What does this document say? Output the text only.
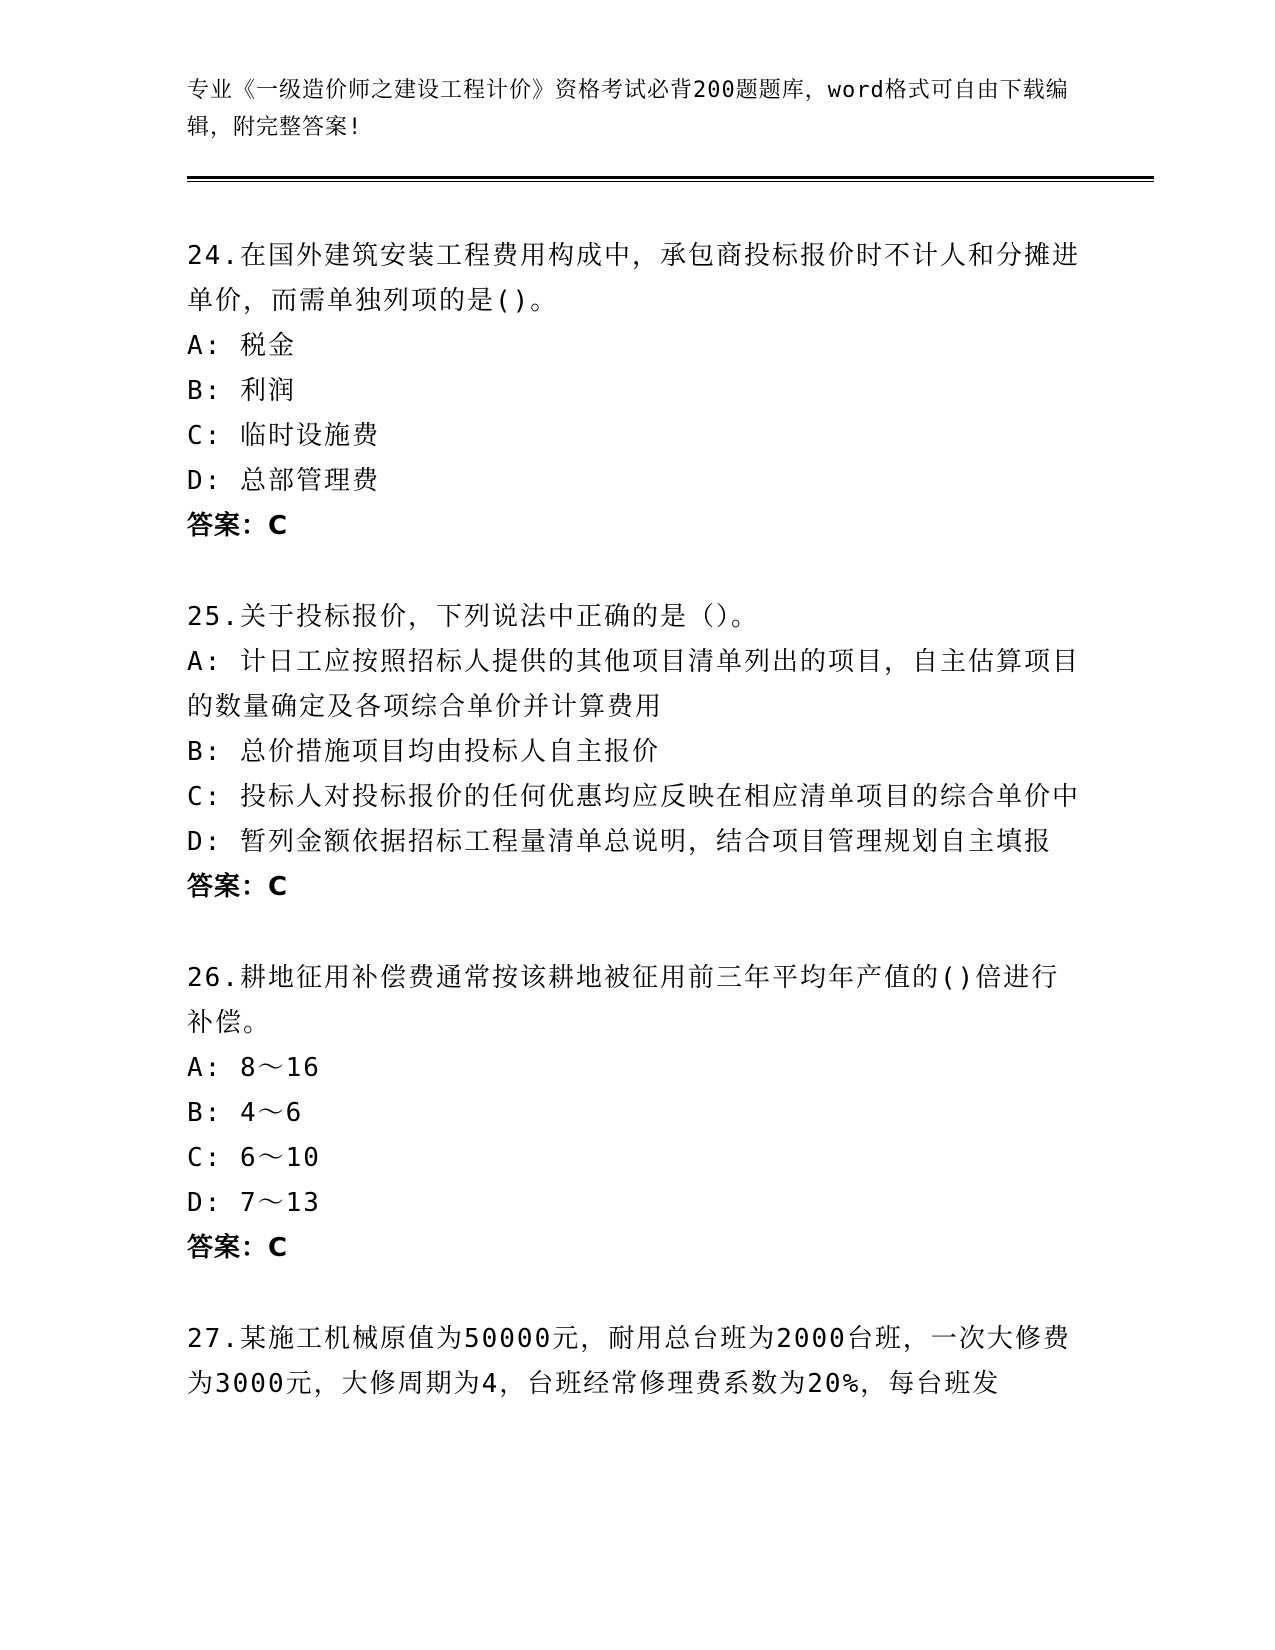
专业《一级造价师之建设工程计价》资格考试必背200题题库，word格式可自由下载编辑，附完整答案!
24.在国外建筑安装工程费用构成中，承包商投标报价时不计人和分摊进单价，而需单独列项的是()。
A: 税金
B: 利润
C: 临时设施费
D: 总部管理费
答案：C
25.关于投标报价，下列说法中正确的是（）。
A: 计日工应按照招标人提供的其他项目清单列出的项目，自主估算项目的数量确定及各项综合单价并计算费用
B: 总价措施项目均由投标人自主报价
C: 投标人对投标报价的任何优惠均应反映在相应清单项目的综合单价中
D: 暂列金额依据招标工程量清单总说明，结合项目管理规划自主填报
答案：C
26.耕地征用补偿费通常按该耕地被征用前三年平均年产值的()倍进行补偿。
A: 8～16
B: 4～6
C: 6～10
D: 7～13
答案：C
27.某施工机械原值为50000元，耐用总台班为2000台班，一次大修费为3000元，大修周期为4，台班经常修理费系数为20%，每台班发
